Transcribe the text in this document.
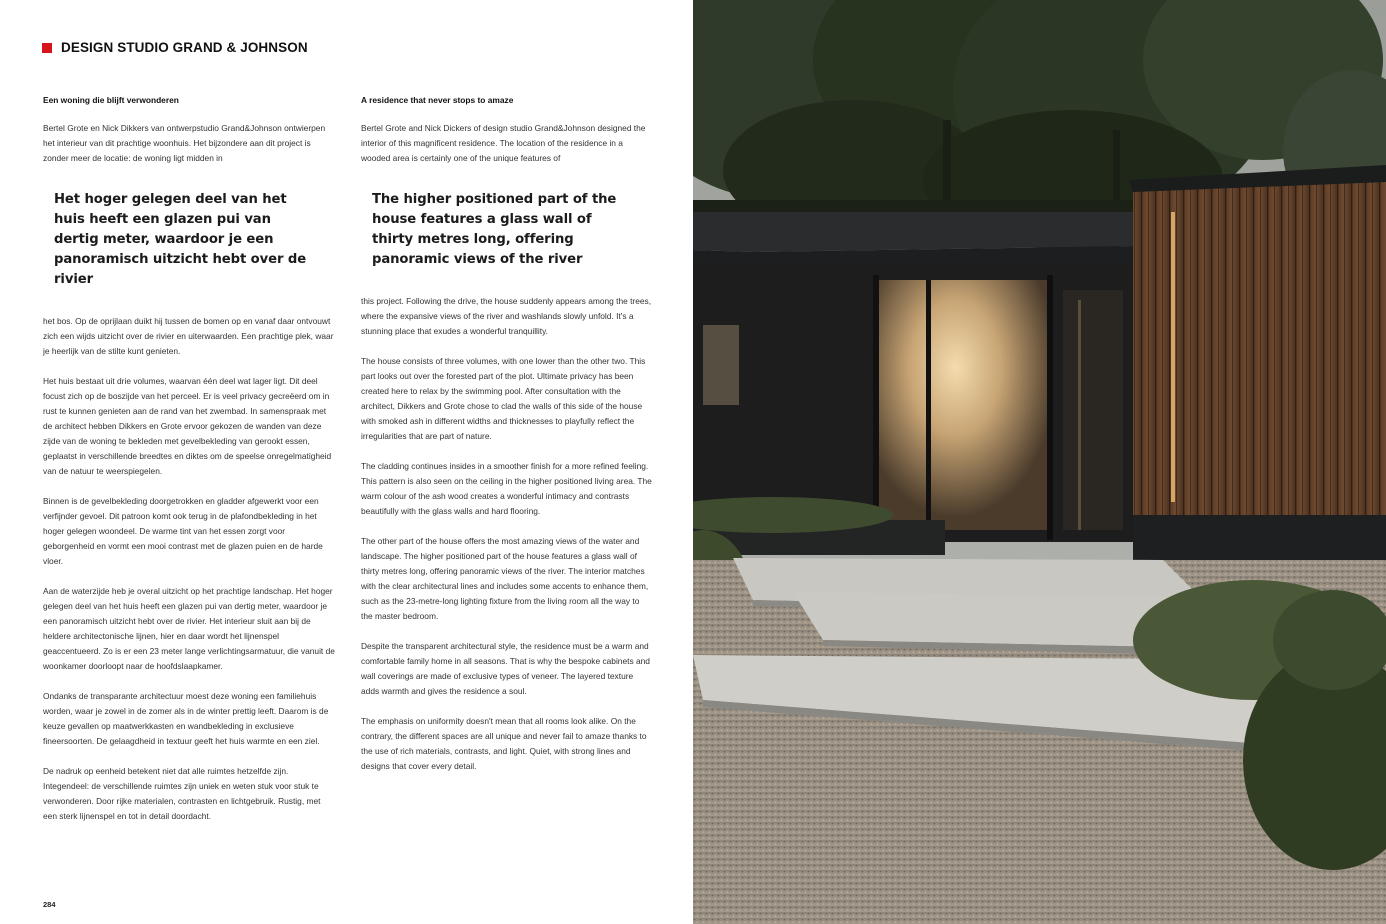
DESIGN STUDIO GRAND & JOHNSON
Een woning die blijft verwonderen

Bertel Grote en Nick Dikkers van ontwerpstudio Grand&Johnson ontwierpen het interieur van dit prachtige woonhuis. Het bijzondere aan dit project is zonder meer de locatie: de woning ligt midden in

Het hoger gelegen deel van het huis heeft een glazen pui van dertig meter, waardoor je een panoramisch uitzicht hebt over de rivier

het bos. Op de oprijlaan duikt hij tussen de bomen op en vanaf daar ontvouwt zich een wijds uitzicht over de rivier en uiterwaarden. Een prachtige plek, waar je heerlijk van de stilte kunt genieten.

Het huis bestaat uit drie volumes, waarvan één deel wat lager ligt. Dit deel focust zich op de boszijde van het perceel. Er is veel privacy gecreëerd om in rust te kunnen genieten aan de rand van het zwembad. In samenspraak met de architect hebben Dikkers en Grote ervoor gekozen de wanden van deze zijde van de woning te bekleden met gevelbekleding van gerookt essen, geplaatst in verschillende breedtes en diktes om de speelse onregelmatigheid van de natuur te weerspiegelen.

Binnen is de gevelbekleding doorgetrokken en gladder afgewerkt voor een verfijnder gevoel. Dit patroon komt ook terug in de plafondbekleding in het hoger gelegen woondeel. De warme tint van het essen zorgt voor geborgenheid en vormt een mooi contrast met de glazen puien en de harde vloer.

Aan de waterzijde heb je overal uitzicht op het prachtige landschap. Het hoger gelegen deel van het huis heeft een glazen pui van dertig meter, waardoor je een panoramisch uitzicht hebt over de rivier. Het interieur sluit aan bij de heldere architectonische lijnen, hier en daar wordt het lijnenspel geaccentueerd. Zo is er een 23 meter lange verlichtingsarmatuur, die vanuit de woonkamer doorloopt naar de hoofdslaapkamer.

Ondanks de transparante architectuur moest deze woning een familiehuis worden, waar je zowel in de zomer als in de winter prettig leeft. Daarom is de keuze gevallen op maatwerkkasten en wandbekleding in exclusieve fineersoorten. De gelaagdheid in textuur geeft het huis warmte en een ziel.

De nadruk op eenheid betekent niet dat alle ruimtes hetzelfde zijn. Integendeel: de verschillende ruimtes zijn uniek en weten stuk voor stuk te verwonderen. Door rijke materialen, contrasten en lichtgebruik. Rustig, met een sterk lijnenspel en tot in detail doordacht.

A residence that never stops to amaze

Bertel Grote and Nick Dickers of design studio Grand&Johnson designed the interior of this magnificent residence. The location of the residence in a wooded area is certainly one of the unique features of

The higher positioned part of the house features a glass wall of thirty metres long, offering panoramic views of the river

this project. Following the drive, the house suddenly appears among the trees, where the expansive views of the river and washlands slowly unfold. It's a stunning place that exudes a wonderful tranquillity.

The house consists of three volumes, with one lower than the other two. This part looks out over the forested part of the plot. Ultimate privacy has been created here to relax by the swimming pool. After consultation with the architect, Dikkers and Grote chose to clad the walls of this side of the house with smoked ash in different widths and thicknesses to playfully reflect the irregularities that are part of nature.

The cladding continues insides in a smoother finish for a more refined feeling. This pattern is also seen on the ceiling in the higher positioned living area. The warm colour of the ash wood creates a wonderful intimacy and contrasts beautifully with the glass walls and hard flooring.

The other part of the house offers the most amazing views of the water and landscape. The higher positioned part of the house features a glass wall of thirty metres long, offering panoramic views of the river. The interior matches with the clear architectural lines and includes some accents to enhance them, such as the 23-metre-long lighting fixture from the living room all the way to the master bedroom.

Despite the transparent architectural style, the residence must be a warm and comfortable family home in all seasons. That is why the bespoke cabinets and wall coverings are made of exclusive types of veneer. The layered texture adds warmth and gives the residence a soul.

The emphasis on uniformity doesn't mean that all rooms look alike. On the contrary, the different spaces are all unique and never fail to amaze thanks to the use of rich materials, contrasts, and light. Quiet, with strong lines and designs that cover every detail.

284
